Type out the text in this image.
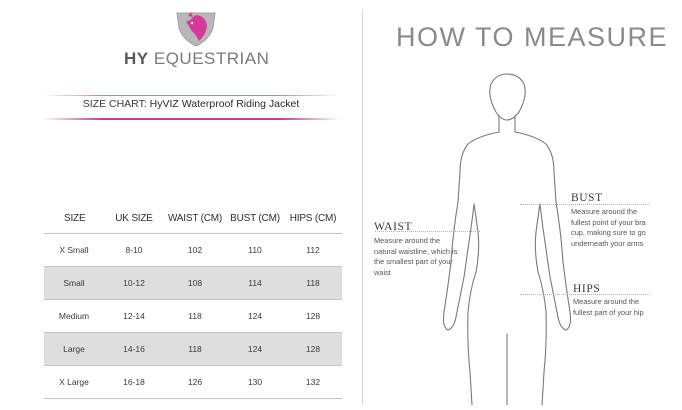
HY EQUESTRIAN
SIZE CHART: HyVIZ Waterproof Riding Jacket
SIZE	UK SIZE	WAIST (CM)	BUST (CM)	HIPS (CM)
X Small	8-10	102	110	112
Small	10-12	108	114	118
Medium	12-14	118	124	128
Large	14-16	118	124	128
X Large	16-18	126	130	132
HOW TO MEASURE
BUST
Measure around the fullest point of your bra cup, making sure to go underneath your arms
WAIST
Measure around the natural waistline, which is the smallest part of your waist
HIPS
Measure around the fullest part of your hip
